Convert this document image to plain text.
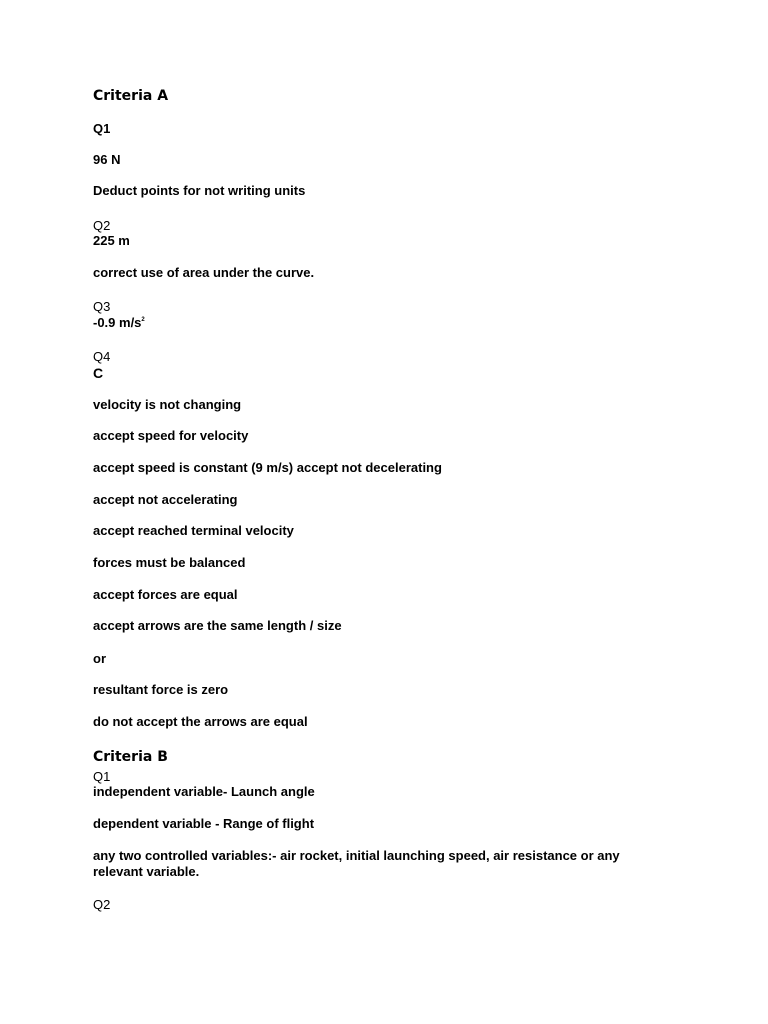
Criteria A
Q1
96 N
Deduct points for not writing units
Q2
225 m
correct use of area under the curve.
Q3
-0.9 $m/s^2$
Q4
C
velocity is not changing
accept speed for velocity
accept speed is constant (9 m/s) accept not decelerating
accept not accelerating
accept reached terminal velocity
forces must be balanced
accept forces are equal
accept arrows are the same length / size
or
resultant force is zero
do not accept the arrows are equal
Criteria B
Q1
independent variable- Launch angle
dependent variable - Range of flight
any two controlled variables:- air rocket, initial launching speed, air resistance or any relevant variable.
Q2
